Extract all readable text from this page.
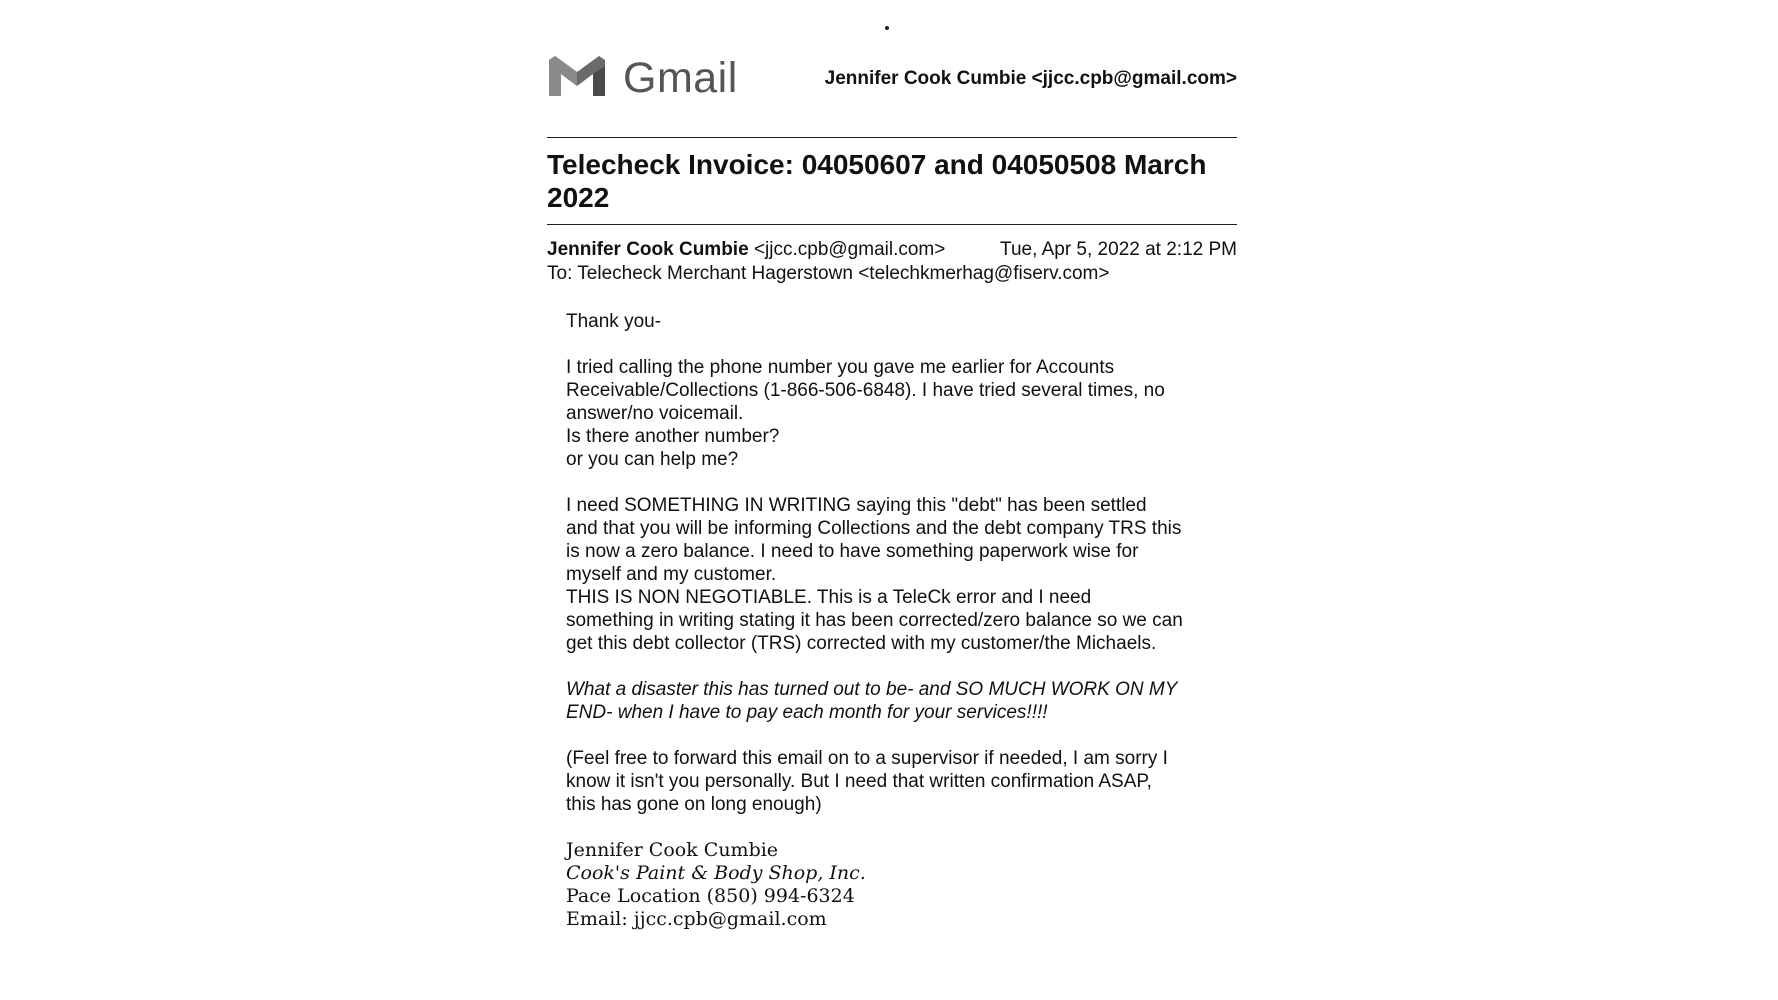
Gmail	Jennifer Cook Cumbie <jjcc.cpb@gmail.com>
Telecheck Invoice: 04050607 and 04050508 March
2022
Jennifer Cook Cumbie <jjcc.cpb@gmail.com>	Tue, Apr 5, 2022 at 2:12 PM
To: Telecheck Merchant Hagerstown <telechkmerhag@fiserv.com>
Thank you-
I tried calling the phone number you gave me earlier for Accounts
Receivable/Collections (1-866-506-6848). I have tried several times, no
answer/no voicemail.
Is there another number?
or you can help me?
I need SOMETHING IN WRITING saying this "debt" has been settled
and that you will be informing Collections and the debt company TRS this
is now a zero balance. I need to have something paperwork wise for
myself and my customer.
THIS IS NON NEGOTIABLE. This is a TeleCk error and I need
something in writing stating it has been corrected/zero balance so we can
get this debt collector (TRS) corrected with my customer/the Michaels.
What a disaster this has turned out to be- and SO MUCH WORK ON MY
END- when I have to pay each month for your services!!!!
(Feel free to forward this email on to a supervisor if needed, I am sorry I
know it isn't you personally. But I need that written confirmation ASAP,
this has gone on long enough)
Jennifer Cook Cumbie
Cook's Paint & Body Shop, Inc.
Pace Location (850) 994-6324
Email: jjcc.cpb@gmail.com
